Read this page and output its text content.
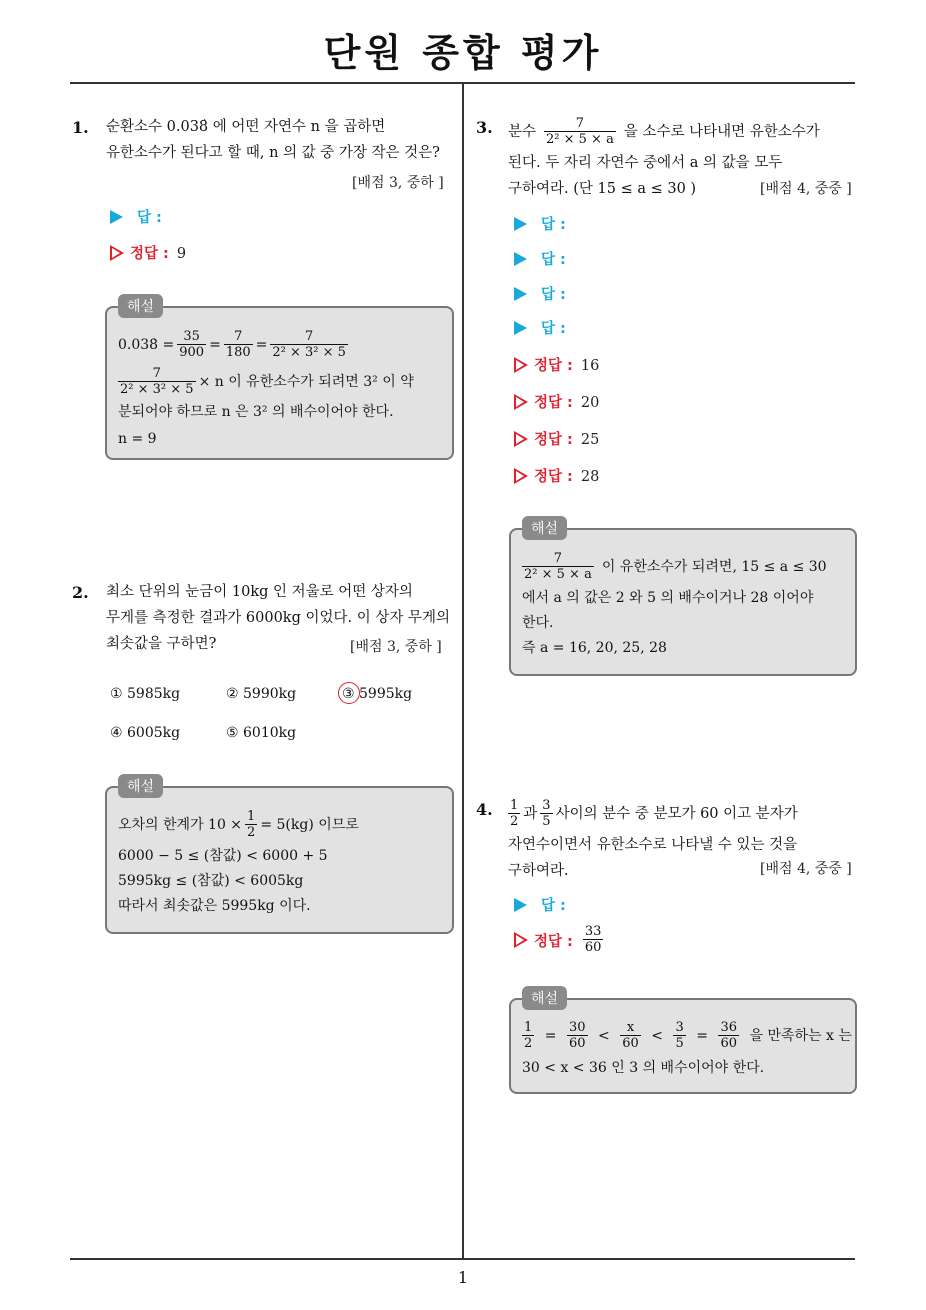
단원 종합 평가
1
1. 순환소수 0.038̇ 에 어떤 자연수 n 을 곱하면
유한소수가 된다고 할 때, n 의 값 중 가장 작은 것은?
[배점 3, 중하 ]
답 :
정답 : 9
해설
0.038̇ = $\frac{35}{900} = \frac{7}{180} = \frac{7}{\text{2² × 3² × 5}}$
$\frac{7}{\text{2² × 3² × 5}} \times n$ 이 유한소수가 되려면 3² 이 약
분되어야 하므로 n 은 3² 의 배수이어야 한다.
n = 9
2. 최소 단위의 눈금이 10kg 인 저울로 어떤 상자의
무게를 측정한 결과가 6000kg 이었다. 이 상자 무게의
최솟값을 구하면?	[배점 3, 중하 ]
① 5985kg	② 5990kg	③ 5995kg
④ 6005kg	⑤ 6010kg
해설
오차의 한계가 $10 \times \frac{1}{2} = 5(kg)$ 이므로
6000 − 5 ≤ (참값) < 6000 + 5
5995kg ≤ (참값) < 6005kg
따라서 최솟값은 5995kg 이다.
3. 분수 $\frac{7}{\text{2² × 5 × a}}$ 을 소수로 나타내면 유한소수가
된다. 두 자리 자연수 중에서 a 의 값을 모두
구하여라. (단 15 ≤ a ≤ 30 )	[배점 4, 중중 ]
답 :
답 :
답 :
답 :
정답 : 16
정답 : 20
정답 : 25
정답 : 28
해설
$\frac{7}{\text{2² × 5 × a}}$ 이 유한소수가 되려면, 15 ≤ a ≤ 30
에서 a 의 값은 2 와 5 의 배수이거나 28 이어야
한다.
즉 a = 16, 20, 25, 28
4. $\frac{1}{2}$ 과 $\frac{3}{5}$ 사이의 분수 중 분모가 60 이고 분자가
자연수이면서 유한소수로 나타낼 수 있는 것을
구하여라.	[배점 4, 중중 ]
답 :
정답 : $\frac{33}{60}$
해설
$\frac{1}{2} = \frac{30}{60} < \frac{x}{60} < \frac{3}{5} = \frac{36}{60}$ 을 만족하는 x 는
30 < x < 36 인 3 의 배수이어야 한다.
